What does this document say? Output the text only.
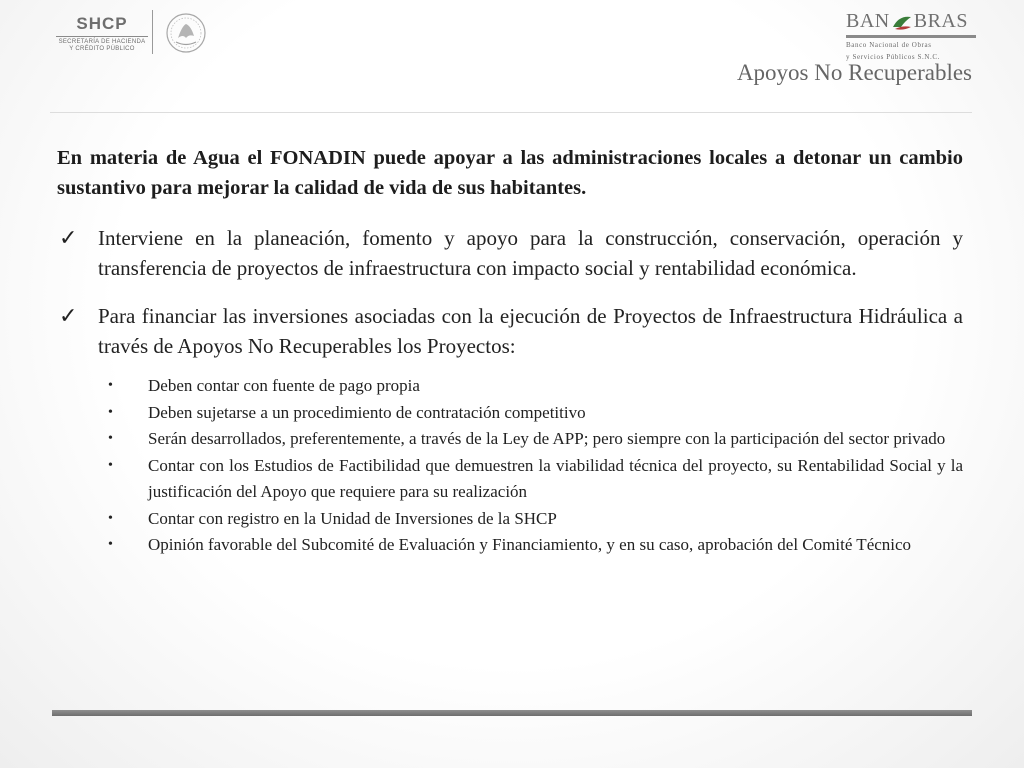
SHCP
SECRETARÍA DE HACIENDA
Y CRÉDITO PÚBLICO
BAN BRAS
Banco Nacional de Obras
y Servicios Públicos S.N.C.
Apoyos No Recuperables

En materia de Agua el FONADIN puede apoyar a las administraciones locales a detonar un cambio sustantivo para mejorar la calidad de vida de sus habitantes.

✓ Interviene en la planeación, fomento y apoyo para la construcción, conservación, operación y transferencia de proyectos de infraestructura con impacto social y rentabilidad económica.
✓ Para financiar las inversiones asociadas con la ejecución de Proyectos de Infraestructura Hidráulica a través de Apoyos No Recuperables los Proyectos:
• Deben contar con fuente de pago propia
• Deben sujetarse a un procedimiento de contratación competitivo
• Serán desarrollados, preferentemente, a través de la Ley de APP; pero siempre con la participación del sector privado
• Contar con los Estudios de Factibilidad que demuestren la viabilidad técnica del proyecto, su Rentabilidad Social y la justificación del Apoyo que requiere para su realización
• Contar con registro en la Unidad de Inversiones de la SHCP
• Opinión favorable del Subcomité de Evaluación y Financiamiento, y en su caso, aprobación del Comité Técnico
